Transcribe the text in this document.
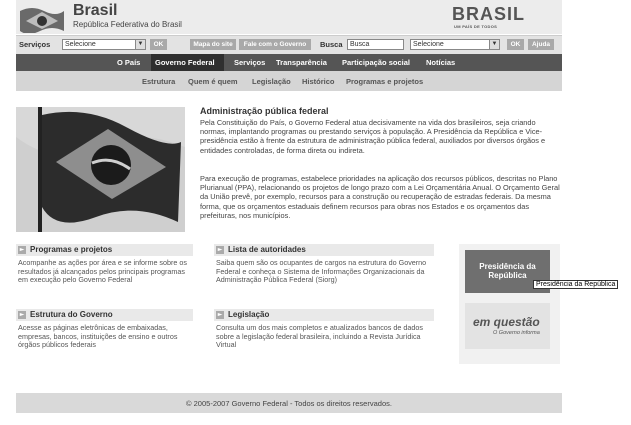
Brasil
República Federativa do Brasil
BRASIL
UM PAÍS DE TODOS
Serviços	Selecione	▼	OK	Mapa do site	Fale com o Governo	Busca	Busca	Selecione	▼	OK	Ajuda
O País Governo Federal	Serviços Transparência Participação social Notícias
Estrutura Quem é quem Legislação Histórico Programas e projetos
Administração pública federal
Pela Constituição do País, o Governo Federal atua decisivamente na vida dos brasileiros, seja criando normas, implantando programas ou prestando serviços à população. A Presidência da República e Vice-presidência estão à frente da estrutura de administração pública federal, auxiliados por diversos órgãos e entidades controladas, de forma direta ou indireta.
Para execução de programas, estabelece prioridades na aplicação dos recursos públicos, descritas no Plano Plurianual (PPA), relacionando os projetos de longo prazo com a Lei Orçamentária Anual. O Orçamento Geral da União prevê, por exemplo, recursos para a construção ou recuperação de estradas federais. Da mesma forma, que os orçamentos estaduais definem recursos para obras nos Estados e os orçamentos das prefeituras, nos municípios.
► Programas e projetos
Acompanhe as ações por área e se informe sobre os resultados já alcançados pelos principais programas em execução pelo Governo Federal
► Lista de autoridades
Saiba quem são os ocupantes de cargos na estrutura do Governo Federal e conheça o Sistema de Informações Organizacionais da Administração Pública Federal (Siorg)
► Estrutura do Governo
Acesse as páginas eletrônicas de embaixadas, empresas, bancos, instituições de ensino e outros órgãos públicos federais
► Legislação
Consulta um dos mais completos e atualizados bancos de dados sobre a legislação federal brasileira, incluindo a Revista Jurídica Virtual
Presidência da República
Presidência da República
em questão
O Governo informa
© 2005-2007 Governo Federal - Todos os direitos reservados.
